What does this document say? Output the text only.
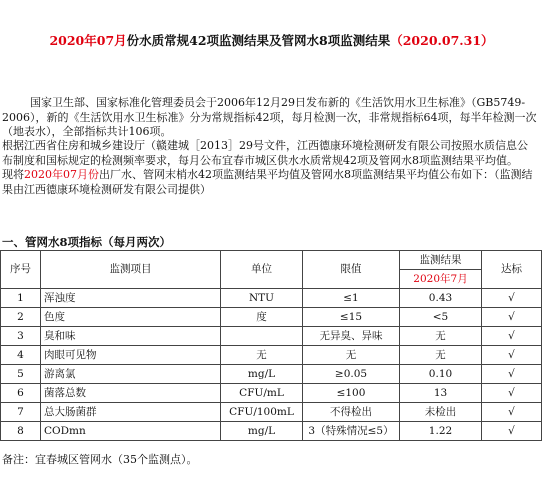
2020年07月份水质常规42项监测结果及管网水8项监测结果（2020.07.31）

国家卫生部、国家标准化管理委员会于2006年12月29日发布新的《生活饮用水卫生标准》（GB5749-2006），新的《生活饮用水卫生标准》分为常规指标42项，每月检测一次，非常规指标64项，每半年检测一次（地表水），全部指标共计106项。

根据江西省住房和城乡建设厅（赣建城［2013］29号文件，江西德康环境检测研发有限公司按照水质信息公布制度和国标规定的检测频率要求，每月公布宜春市城区供水水质常规42项及管网水8项监测结果平均值。

现将2020年07月份出厂水、管网末梢水42项监测结果平均值及管网水8项监测结果平均值公布如下：（监测结果由江西德康环境检测研发有限公司提供）

一、管网水8项指标（每月两次）
序号	监测项目	单位	限值	监测结果	达标
				2020年7月	
1	浑浊度	NTU	≤1	0.43	√
2	色度	度	≤15	<5	√
3	臭和味		无异臭、异味	无	√
4	肉眼可见物	无	无	无	√
5	游离氯	mg/L	≥0.05	0.10	√
6	菌落总数	CFU/mL	≤100	13	√
7	总大肠菌群	CFU/100mL	不得检出	未检出	√
8	CODmn	mg/L	3（特殊情况≤5）	1.22	√
备注：宜春城区管网水（35个监测点）。
